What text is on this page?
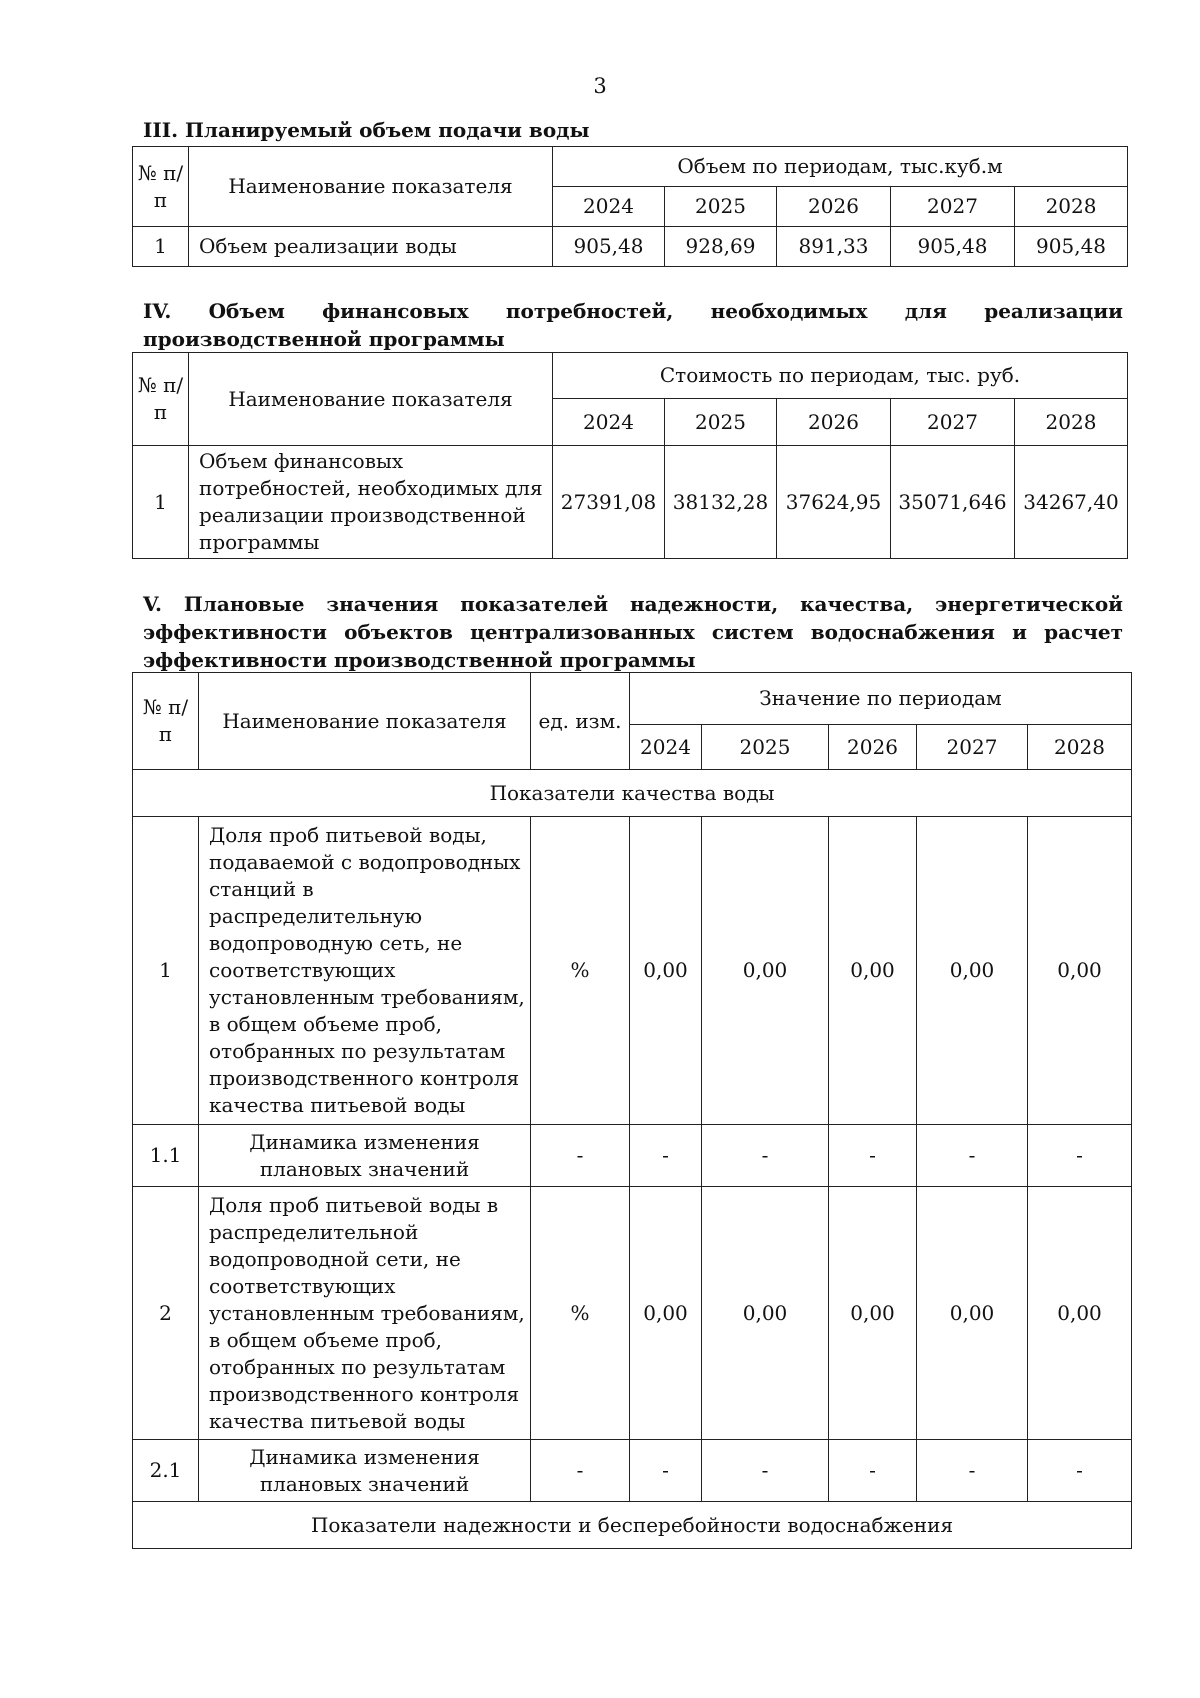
3
III. Планируемый объем подачи воды
№ п/п	Наименование показателя	Объем по периодам, тыс.куб.м				
		2024	2025	2026	2027	2028
1	Объем реализации воды	905,48	928,69	891,33	905,48	905,48
IV. Объем финансовых потребностей, необходимых для реализации производственной программы
№ п/п	Наименование показателя	Стоимость по периодам, тыс. руб.				
		2024	2025	2026	2027	2028
1	Объем финансовых потребностей, необходимых для реализации производственной программы	27391,08	38132,28	37624,95	35071,646	34267,40
V. Плановые значения показателей надежности, качества, энергетической эффективности объектов централизованных систем водоснабжения и расчет эффективности производственной программы
№ п/п	Наименование показателя	ед. изм.	Значение по периодам				
			2024	2025	2026	2027	2028
Показатели качества воды							
1	Доля проб питьевой воды, подаваемой с водопроводных станций в распределительную водопроводную сеть, не соответствующих установленным требованиям, в общем объеме проб, отобранных по результатам производственного контроля качества питьевой воды	%	0,00	0,00	0,00	0,00	0,00
1.1	Динамика изменения плановых значений	-	-	-	-	-	-
2	Доля проб питьевой воды в распределительной водопроводной сети, не соответствующих установленным требованиям, в общем объеме проб, отобранных по результатам производственного контроля качества питьевой воды	%	0,00	0,00	0,00	0,00	0,00
2.1	Динамика изменения плановых значений	-	-	-	-	-	-
Показатели надежности и бесперебойности водоснабжения							
